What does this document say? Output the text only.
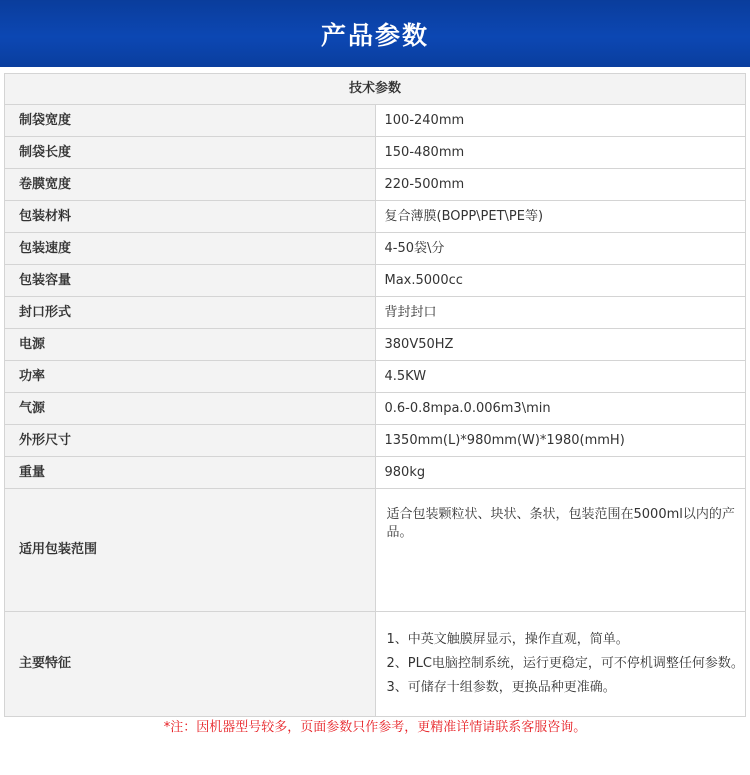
产品参数
技术参数	
制袋宽度	100-240mm
制袋长度	150-480mm
卷膜宽度	220-500mm
包装材料	复合薄膜(BOPP\PET\PE等)
包装速度	4-50袋\分
包装容量	Max.5000cc
封口形式	背封封口
电源	380V50HZ
功率	4.5KW
气源	0.6-0.8mpa.0.006m3\min
外形尺寸	1350mm(L)*980mm(W)*1980(mmH)
重量	980kg
适用包装范围	适合包装颗粒状、块状、条状，包装范围在5000ml以内的产品。
主要特征	1、中英文触膜屏显示，操作直观，简单。
2、PLC电脑控制系统，运行更稳定，可不停机调整任何参数。
3、可储存十组参数，更换品种更准确。
*注：因机器型号较多，页面参数只作参考，更精准详情请联系客服咨询。
